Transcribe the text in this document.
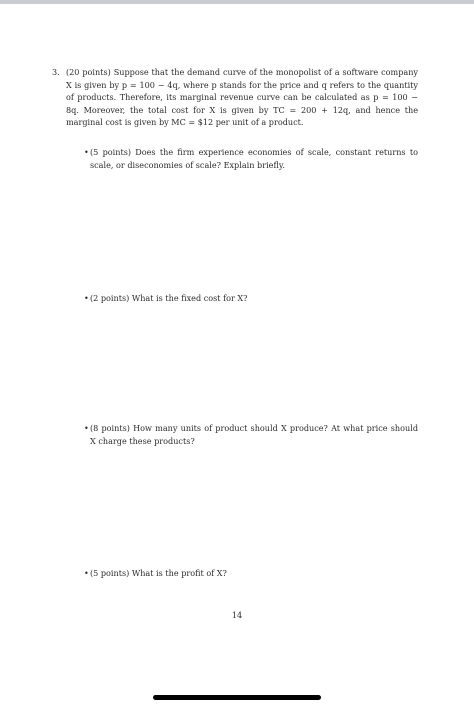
3. (20 points) Suppose that the demand curve of the monopolist of a software company X is given by p = 100 − 4q, where p stands for the price and q refers to the quantity of products. Therefore, its marginal revenue curve can be calculated as p = 100 − 8q. Moreover, the total cost for X is given by TC = 200 + 12q, and hence the marginal cost is given by MC = $12 per unit of a product.
• (5 points) Does the firm experience economies of scale, constant returns to scale, or diseconomies of scale? Explain briefly.
• (2 points) What is the fixed cost for X?
• (8 points) How many units of product should X produce? At what price should X charge these products?
• (5 points) What is the profit of X?
14
